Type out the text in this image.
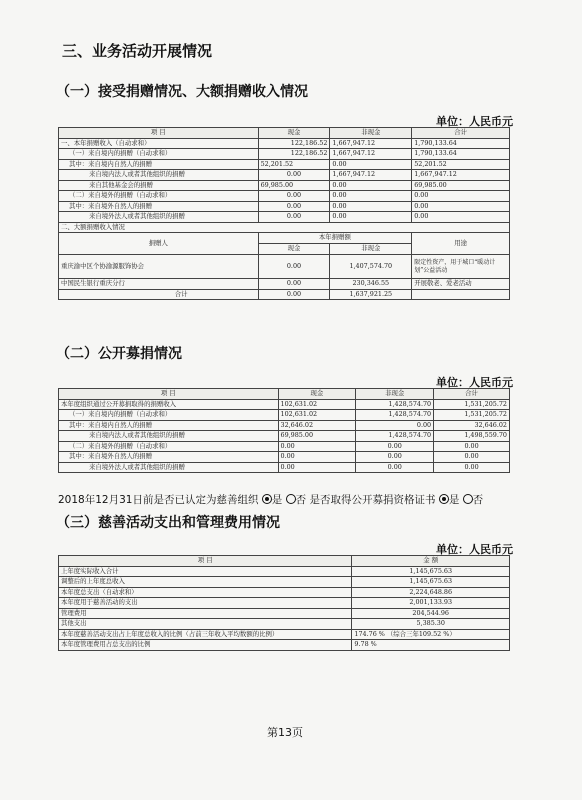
三、业务活动开展情况
（一）接受捐赠情况、大额捐赠收入情况
单位：人民币元
项 目	现金	非现金	合计
一、本年捐赠收入（自动求和）	122,186.52	1,667,947.12	1,790,133.64
（一）来自境内的捐赠（自动求和）	122,186.52	1,667,947.12	1,790,133.64
其中：来自境内自然人的捐赠	52,201.52	0.00	52,201.52
来自境内法人或者其他组织的捐赠	0.00	1,667,947.12	1,667,947.12
来自其他基金会的捐赠	69,985.00	0.00	69,985.00
（二）来自境外的捐赠（自动求和）	0.00	0.00	0.00
其中：来自境外自然人的捐赠	0.00	0.00	0.00
来自境外法人或者其他组织的捐赠	0.00	0.00	0.00
二、大额捐赠收入情况			
捐赠人	本年捐赠额		用途
	现金	非现金	
重庆渝中区个协渝源服饰协会	0.00	1,407,574.70	限定性资产，用于城口“暖动计划”公益活动
中国民生银行重庆分行	0.00	230,346.55	开展敬老、爱老活动
合计	0.00	1,637,921.25	
（二）公开募捐情况
单位：人民币元
项 目	现金	非现金	合计
本年度组织通过公开募捐取得的捐赠收入	102,631.02	1,428,574.70	1,531,205.72
（一）来自境内的捐赠（自动求和）	102,631.02	1,428,574.70	1,531,205.72
其中：来自境内自然人的捐赠	32,646.02	0.00	32,646.02
来自境内法人或者其他组织的捐赠	69,985.00	1,428,574.70	1,498,559.70
（二）来自境外的捐赠（自动求和）	0.00	0.00	0.00
其中：来自境外自然人的捐赠	0.00	0.00	0.00
来自境外法人或者其他组织的捐赠	0.00	0.00	0.00
2018年12月31日前是否已认定为慈善组织 是 否 是否取得公开募捐资格证书 是 否
（三）慈善活动支出和管理费用情况
单位：人民币元
项 目	金 额
上年度实际收入合计	1,145,675.63
调整后的上年度总收入	1,145,675.63
本年度总支出（自动求和）	2,224,648.86
本年度用于慈善活动的支出	2,001,133.93
管理费用	204,544.96
其他支出	5,385.30
本年度慈善活动支出占上年度总收入的比例（占前三年收入平均数额的比例）	174.76 % （综合三年109.52 %）
本年度管理费用占总支出的比例	9.78 %
第13页
